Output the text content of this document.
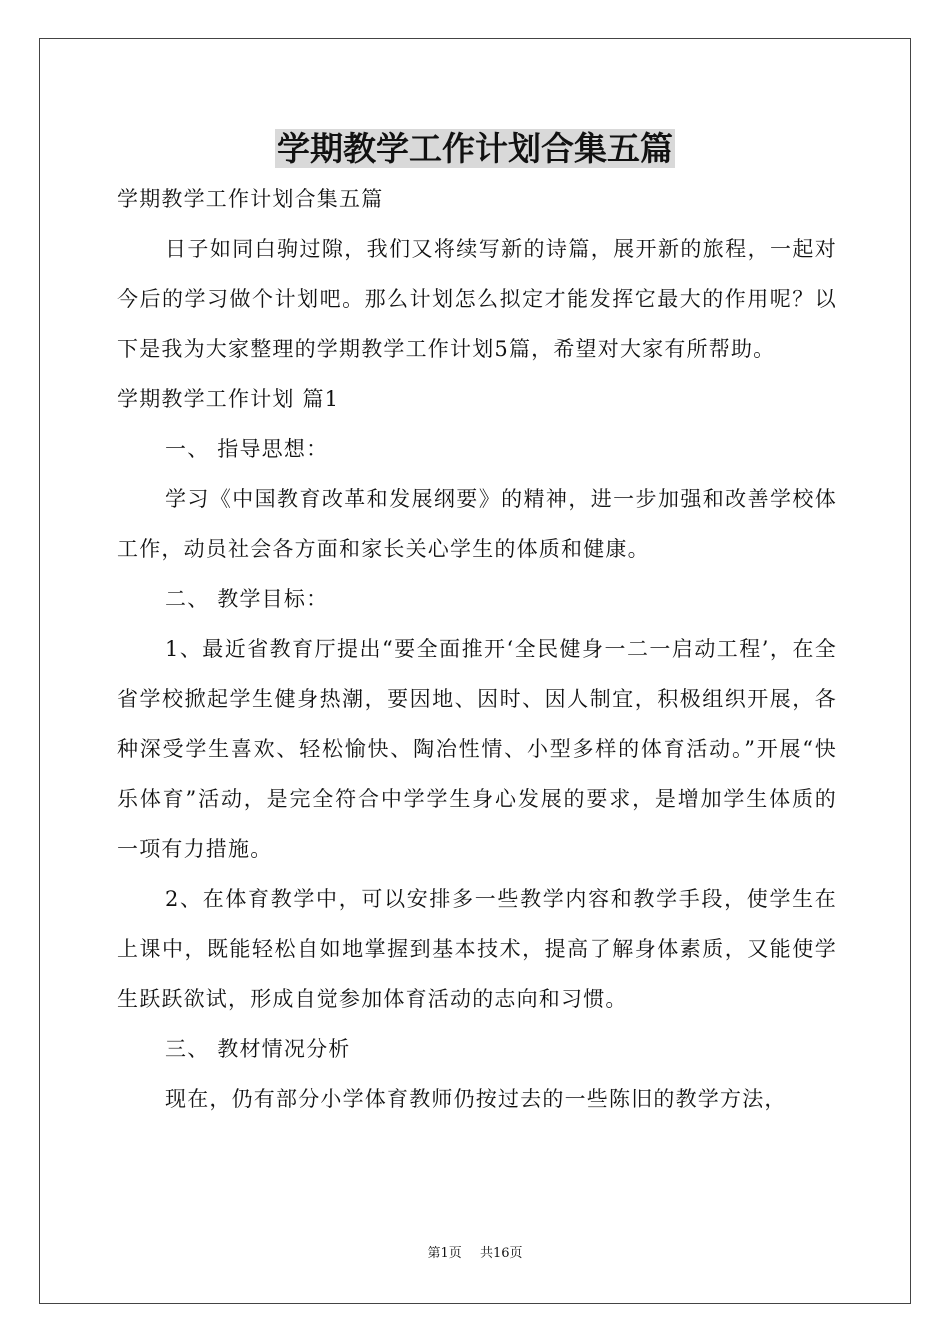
学期教学工作计划合集五篇

学期教学工作计划合集五篇

日子如同白驹过隙，我们又将续写新的诗篇，展开新的旅程，一起对今后的学习做个计划吧。那么计划怎么拟定才能发挥它最大的作用呢？以下是我为大家整理的学期教学工作计划5篇，希望对大家有所帮助。

学期教学工作计划 篇1

一、 指导思想：

学习《中国教育改革和发展纲要》的精神，进一步加强和改善学校体工作，动员社会各方面和家长关心学生的体质和健康。

二、 教学目标：

1、最近省教育厅提出“要全面推开‘全民健身一二一启动工程’，在全省学校掀起学生健身热潮，要因地、因时、因人制宜，积极组织开展，各种深受学生喜欢、轻松愉快、陶冶性情、小型多样的体育活动。”开展“快乐体育”活动，是完全符合中学学生身心发展的要求，是增加学生体质的一项有力措施。

2、在体育教学中，可以安排多一些教学内容和教学手段，使学生在上课中，既能轻松自如地掌握到基本技术，提高了解身体素质，又能使学生跃跃欲试，形成自觉参加体育活动的志向和习惯。

三、 教材情况分析

现在，仍有部分小学体育教师仍按过去的一些陈旧的教学方法，

第1页 共16页
